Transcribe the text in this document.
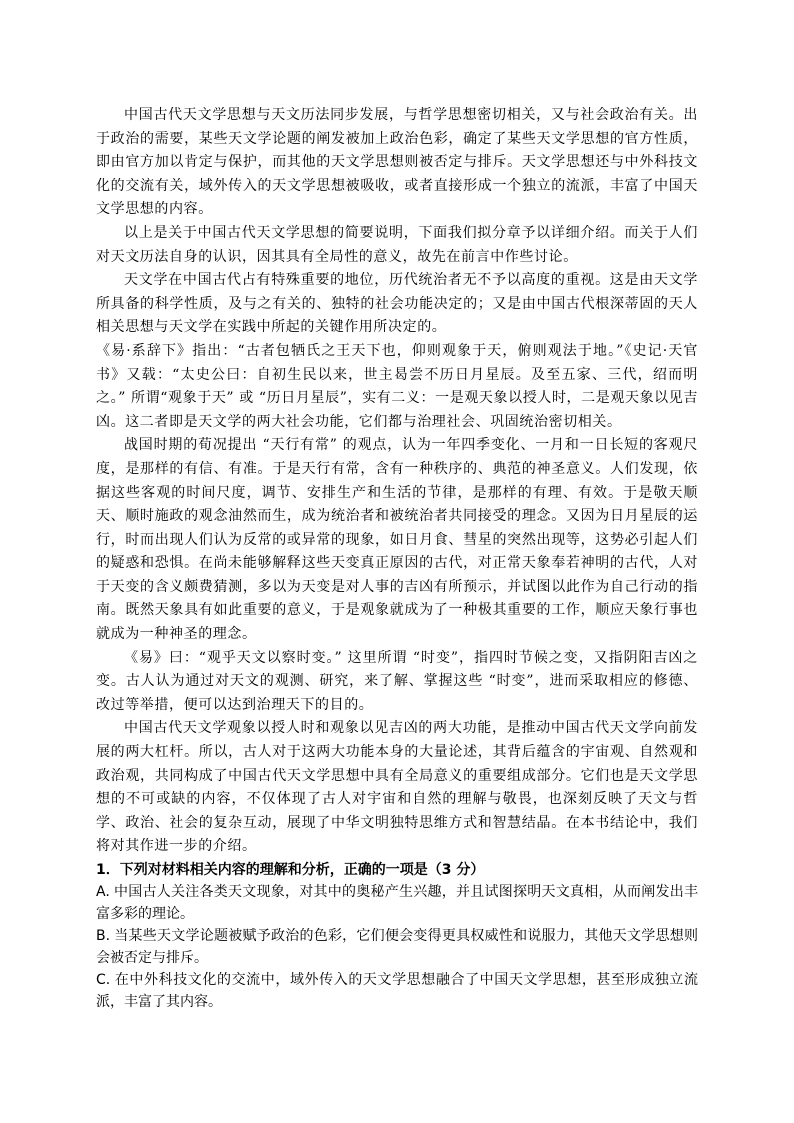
中国古代天文学思想与天文历法同步发展，与哲学思想密切相关，又与社会政治有关。出于政治的需要，某些天文学论题的阐发被加上政治色彩，确定了某些天文学思想的官方性质，即由官方加以肯定与保护，而其他的天文学思想则被否定与排斥。天文学思想还与中外科技文化的交流有关，域外传入的天文学思想被吸收，或者直接形成一个独立的流派，丰富了中国天文学思想的内容。

以上是关于中国古代天文学思想的简要说明，下面我们拟分章予以详细介绍。而关于人们对天文历法自身的认识，因其具有全局性的意义，故先在前言中作些讨论。

天文学在中国古代占有特殊重要的地位，历代统治者无不予以高度的重视。这是由天文学所具备的科学性质，及与之有关的、独特的社会功能决定的；又是由中国古代根深蒂固的天人相关思想与天文学在实践中所起的关键作用所决定的。

《易·系辞下》指出：“古者包牺氏之王天下也，仰则观象于天，俯则观法于地。”《史记·天官书》又载：“太史公曰：自初生民以来，世主曷尝不历日月星辰。及至五家、三代，绍而明之。” 所谓“观象于天” 或 “历日月星辰”，实有二义：一是观天象以授人时，二是观天象以见吉凶。这二者即是天文学的两大社会功能，它们都与治理社会、巩固统治密切相关。

战国时期的荀况提出 “天行有常” 的观点，认为一年四季变化、一月和一日长短的客观尺度，是那样的有信、有准。于是天行有常，含有一种秩序的、典范的神圣意义。人们发现，依据这些客观的时间尺度，调节、安排生产和生活的节律，是那样的有理、有效。于是敬天顺天、顺时施政的观念油然而生，成为统治者和被统治者共同接受的理念。又因为日月星辰的运行，时而出现人们认为反常的或异常的现象，如日月食、彗星的突然出现等，这势必引起人们的疑惑和恐惧。在尚未能够解释这些天变真正原因的古代，对正常天象奉若神明的古代，人对于天变的含义颇费猜测，多以为天变是对人事的吉凶有所预示，并试图以此作为自己行动的指南。既然天象具有如此重要的意义，于是观象就成为了一种极其重要的工作，顺应天象行事也就成为一种神圣的理念。

《易》曰：“观乎天文以察时变。” 这里所谓 “时变”，指四时节候之变，又指阴阳吉凶之变。古人认为通过对天文的观测、研究，来了解、掌握这些 “时变”，进而采取相应的修德、改过等举措，便可以达到治理天下的目的。

中国古代天文学观象以授人时和观象以见吉凶的两大功能，是推动中国古代天文学向前发展的两大杠杆。所以，古人对于这两大功能本身的大量论述，其背后蕴含的宇宙观、自然观和政治观，共同构成了中国古代天文学思想中具有全局意义的重要组成部分。它们也是天文学思想的不可或缺的内容，不仅体现了古人对宇宙和自然的理解与敬畏，也深刻反映了天文与哲学、政治、社会的复杂互动，展现了中华文明独特思维方式和智慧结晶。在本书结论中，我们将对其作进一步的介绍。

1．下列对材料相关内容的理解和分析，正确的一项是（3 分）

A. 中国古人关注各类天文现象，对其中的奥秘产生兴趣，并且试图探明天文真相，从而阐发出丰富多彩的理论。

B. 当某些天文学论题被赋予政治的色彩，它们便会变得更具权威性和说服力，其他天文学思想则会被否定与排斥。

C. 在中外科技文化的交流中，域外传入的天文学思想融合了中国天文学思想，甚至形成独立流派，丰富了其内容。
